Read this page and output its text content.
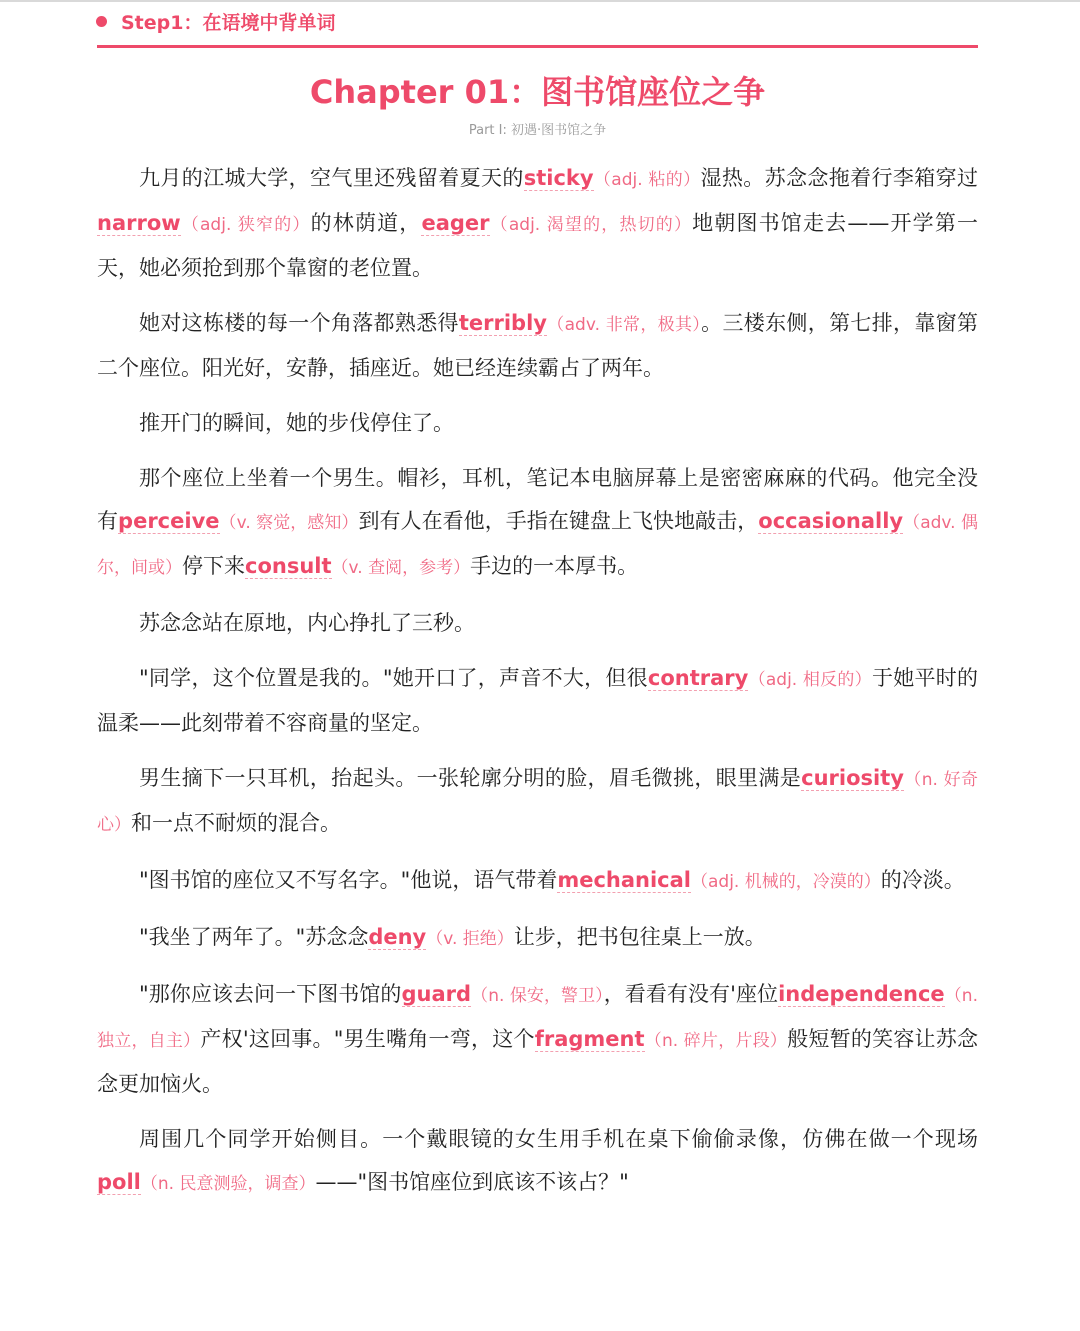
Step1：在语境中背单词
Chapter 01：图书馆座位之争
Part I: 初遇·图书馆之争

九月的江城大学，空气里还残留着夏天的sticky（adj. 粘的）湿热。苏念念拖着行李箱穿过narrow（adj. 狭窄的）的林荫道，eager（adj. 渴望的，热切的）地朝图书馆走去——开学第一天，她必须抢到那个靠窗的老位置。

她对这栋楼的每一个角落都熟悉得terribly（adv. 非常，极其）。三楼东侧，第七排，靠窗第二个座位。阳光好，安静，插座近。她已经连续霸占了两年。

推开门的瞬间，她的步伐停住了。

那个座位上坐着一个男生。帽衫，耳机，笔记本电脑屏幕上是密密麻麻的代码。他完全没有perceive（v. 察觉，感知）到有人在看他，手指在键盘上飞快地敲击，occasionally（adv. 偶尔，间或）停下来consult（v. 查阅，参考）手边的一本厚书。

苏念念站在原地，内心挣扎了三秒。

"同学，这个位置是我的。"她开口了，声音不大，但很contrary（adj. 相反的）于她平时的温柔——此刻带着不容商量的坚定。

男生摘下一只耳机，抬起头。一张轮廓分明的脸，眉毛微挑，眼里满是curiosity（n. 好奇心）和一点不耐烦的混合。

"图书馆的座位又不写名字。"他说，语气带着mechanical（adj. 机械的，冷漠的）的冷淡。

"我坐了两年了。"苏念念deny（v. 拒绝）让步，把书包往桌上一放。

"那你应该去问一下图书馆的guard（n. 保安，警卫），看看有没有'座位independence（n. 独立，自主）产权'这回事。"男生嘴角一弯，这个fragment（n. 碎片，片段）般短暂的笑容让苏念念更加恼火。

周围几个同学开始侧目。一个戴眼镜的女生用手机在桌下偷偷录像，仿佛在做一个现场poll（n. 民意测验，调查）——"图书馆座位到底该不该占？"
